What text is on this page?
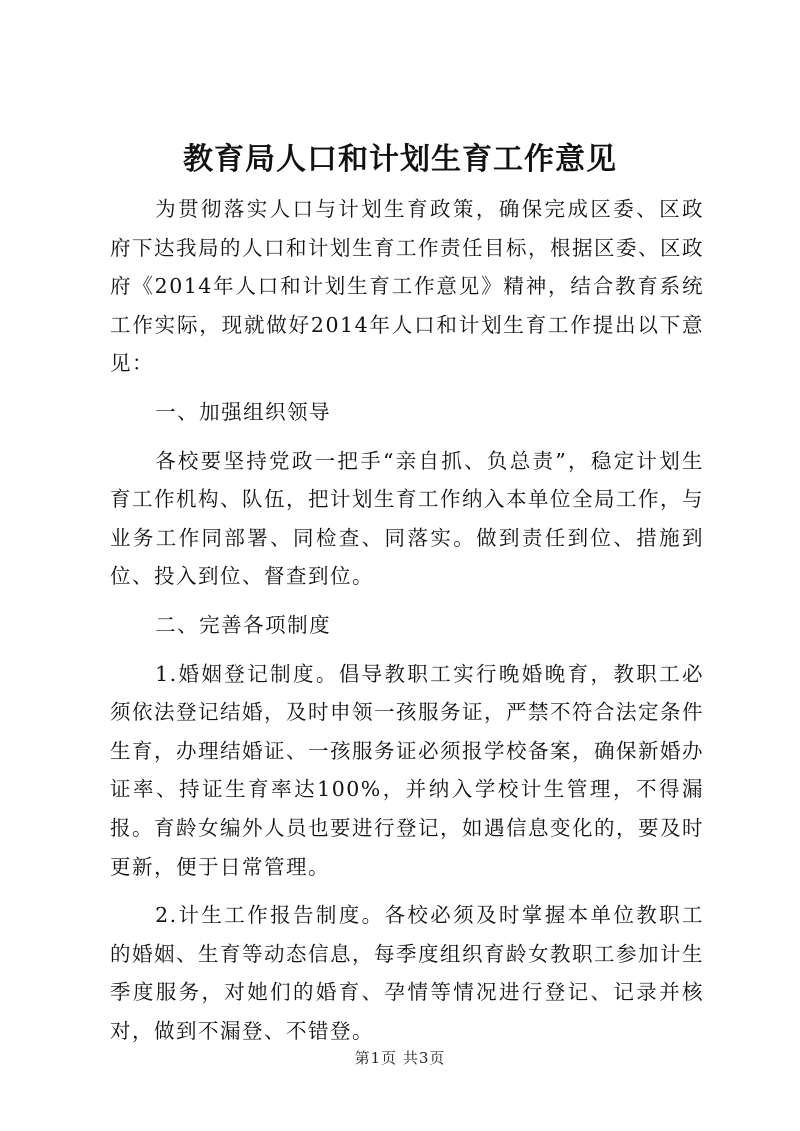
教育局人口和计划生育工作意见

为贯彻落实人口与计划生育政策，确保完成区委、区政府下达我局的人口和计划生育工作责任目标，根据区委、区政府《2014年人口和计划生育工作意见》精神，结合教育系统工作实际，现就做好2014年人口和计划生育工作提出以下意见：

一、加强组织领导

各校要坚持党政一把手“亲自抓、负总责”，稳定计划生育工作机构、队伍，把计划生育工作纳入本单位全局工作，与业务工作同部署、同检查、同落实。做到责任到位、措施到位、投入到位、督查到位。

二、完善各项制度

1.婚姻登记制度。倡导教职工实行晚婚晚育，教职工必须依法登记结婚，及时申领一孩服务证，严禁不符合法定条件生育，办理结婚证、一孩服务证必须报学校备案，确保新婚办证率、持证生育率达100%，并纳入学校计生管理，不得漏报。育龄女编外人员也要进行登记，如遇信息变化的，要及时更新，便于日常管理。

2.计生工作报告制度。各校必须及时掌握本单位教职工的婚姻、生育等动态信息，每季度组织育龄女教职工参加计生季度服务，对她们的婚育、孕情等情况进行登记、记录并核对，做到不漏登、不错登。

第1页 共3页
